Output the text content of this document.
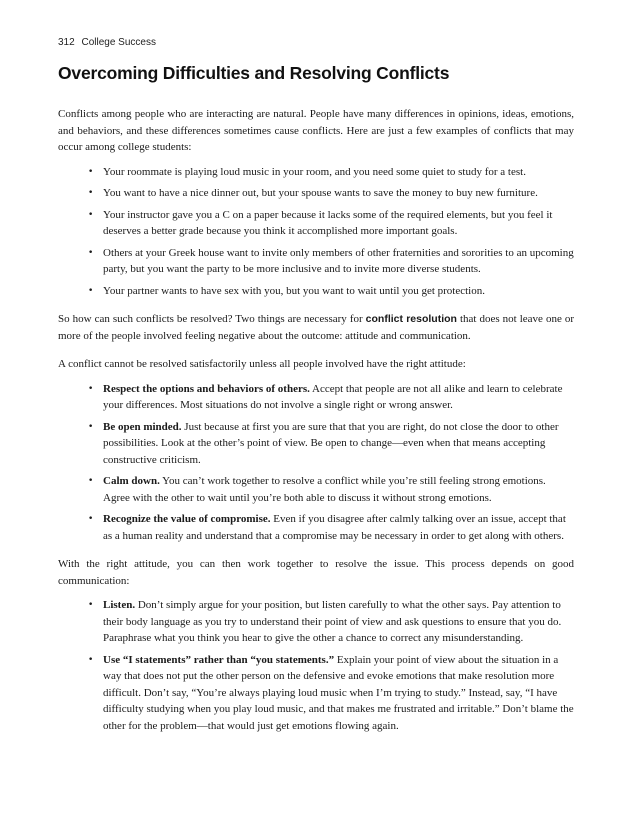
312 College Success
Overcoming Difficulties and Resolving Conflicts

Conflicts among people who are interacting are natural. People have many differences in opinions, ideas, emotions, and behaviors, and these differences sometimes cause conflicts. Here are just a few examples of conflicts that may occur among college students:

• Your roommate is playing loud music in your room, and you need some quiet to study for a test.
• You want to have a nice dinner out, but your spouse wants to save the money to buy new furniture.
• Your instructor gave you a C on a paper because it lacks some of the required elements, but you feel it deserves a better grade because you think it accomplished more important goals.
• Others at your Greek house want to invite only members of other fraternities and sororities to an upcoming party, but you want the party to be more inclusive and to invite more diverse students.
• Your partner wants to have sex with you, but you want to wait until you get protection.

So how can such conflicts be resolved? Two things are necessary for conflict resolution that does not leave one or more of the people involved feeling negative about the outcome: attitude and communication.

A conflict cannot be resolved satisfactorily unless all people involved have the right attitude:

• Respect the options and behaviors of others. Accept that people are not all alike and learn to celebrate your differences. Most situations do not involve a single right or wrong answer.
• Be open minded. Just because at first you are sure that that you are right, do not close the door to other possibilities. Look at the other’s point of view. Be open to change—even when that means accepting constructive criticism.
• Calm down. You can’t work together to resolve a conflict while you’re still feeling strong emotions. Agree with the other to wait until you’re both able to discuss it without strong emotions.
• Recognize the value of compromise. Even if you disagree after calmly talking over an issue, accept that as a human reality and understand that a compromise may be necessary in order to get along with others.

With the right attitude, you can then work together to resolve the issue. This process depends on good communication:

• Listen. Don’t simply argue for your position, but listen carefully to what the other says. Pay attention to their body language as you try to understand their point of view and ask questions to ensure that you do. Paraphrase what you think you hear to give the other a chance to correct any misunderstanding.
• Use “I statements” rather than “you statements.” Explain your point of view about the situation in a way that does not put the other person on the defensive and evoke emotions that make resolution more difficult. Don’t say, “You’re always playing loud music when I’m trying to study.” Instead, say, “I have difficulty studying when you play loud music, and that makes me frustrated and irritable.” Don’t blame the other for the problem—that would just get emotions flowing again.
